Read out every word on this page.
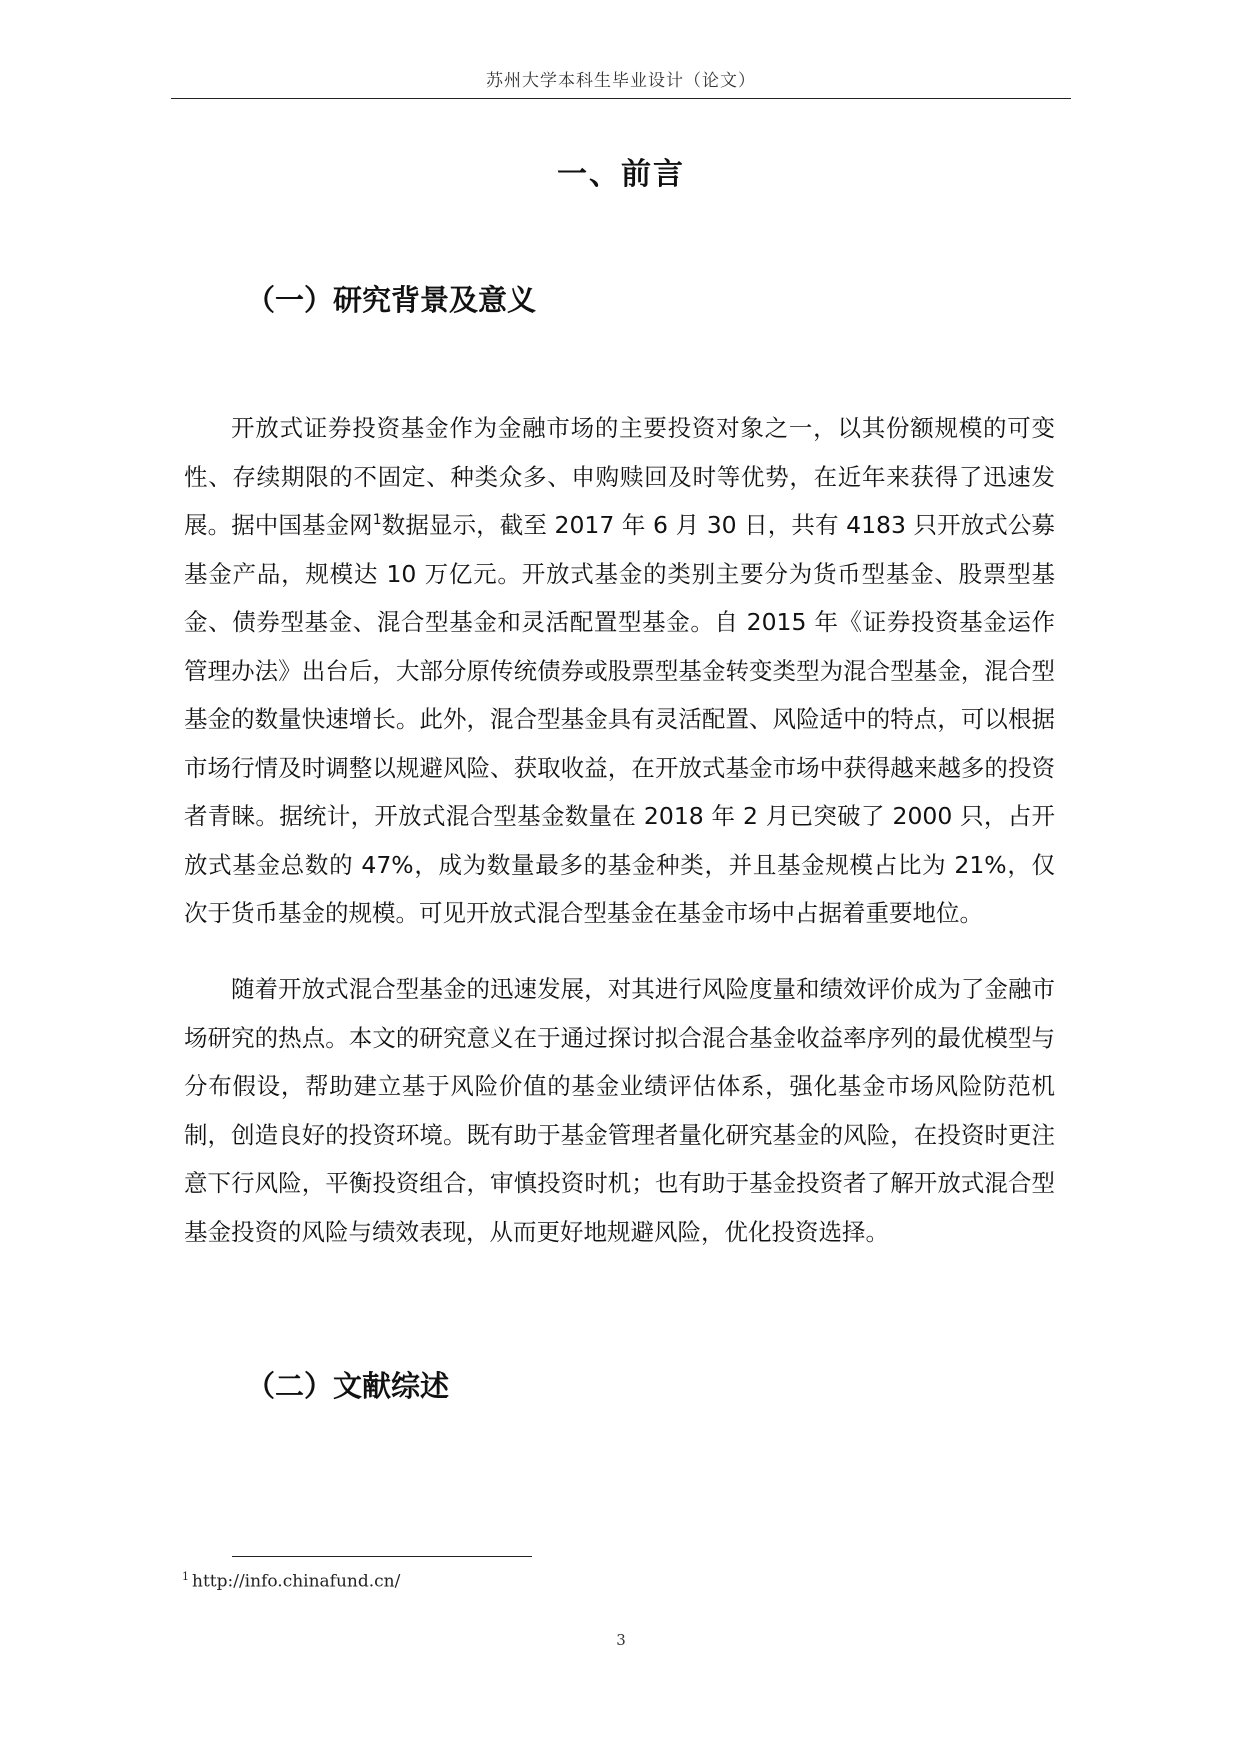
苏州大学本科生毕业设计（论文）
一、前言
（一）研究背景及意义

开放式证券投资基金作为金融市场的主要投资对象之一，以其份额规模的可变性、存续期限的不固定、种类众多、申购赎回及时等优势，在近年来获得了迅速发展。据中国基金网$^1$数据显示，截至 2017 年 6 月 30 日，共有 4183 只开放式公募基金产品，规模达 10 万亿元。开放式基金的类别主要分为货币型基金、股票型基金、债券型基金、混合型基金和灵活配置型基金。自 2015 年《证券投资基金运作管理办法》出台后，大部分原传统债券或股票型基金转变类型为混合型基金，混合型基金的数量快速增长。此外，混合型基金具有灵活配置、风险适中的特点，可以根据市场行情及时调整以规避风险、获取收益，在开放式基金市场中获得越来越多的投资者青睐。据统计，开放式混合型基金数量在 2018 年 2 月已突破了 2000 只，占开放式基金总数的 47%，成为数量最多的基金种类，并且基金规模占比为 21%，仅次于货币基金的规模。可见开放式混合型基金在基金市场中占据着重要地位。

随着开放式混合型基金的迅速发展，对其进行风险度量和绩效评价成为了金融市场研究的热点。本文的研究意义在于通过探讨拟合混合基金收益率序列的最优模型与分布假设，帮助建立基于风险价值的基金业绩评估体系，强化基金市场风险防范机制，创造良好的投资环境。既有助于基金管理者量化研究基金的风险，在投资时更注意下行风险，平衡投资组合，审慎投资时机；也有助于基金投资者了解开放式混合型基金投资的风险与绩效表现，从而更好地规避风险，优化投资选择。

（二）文献综述
$^1$ http://info.chinafund.cn/
3
